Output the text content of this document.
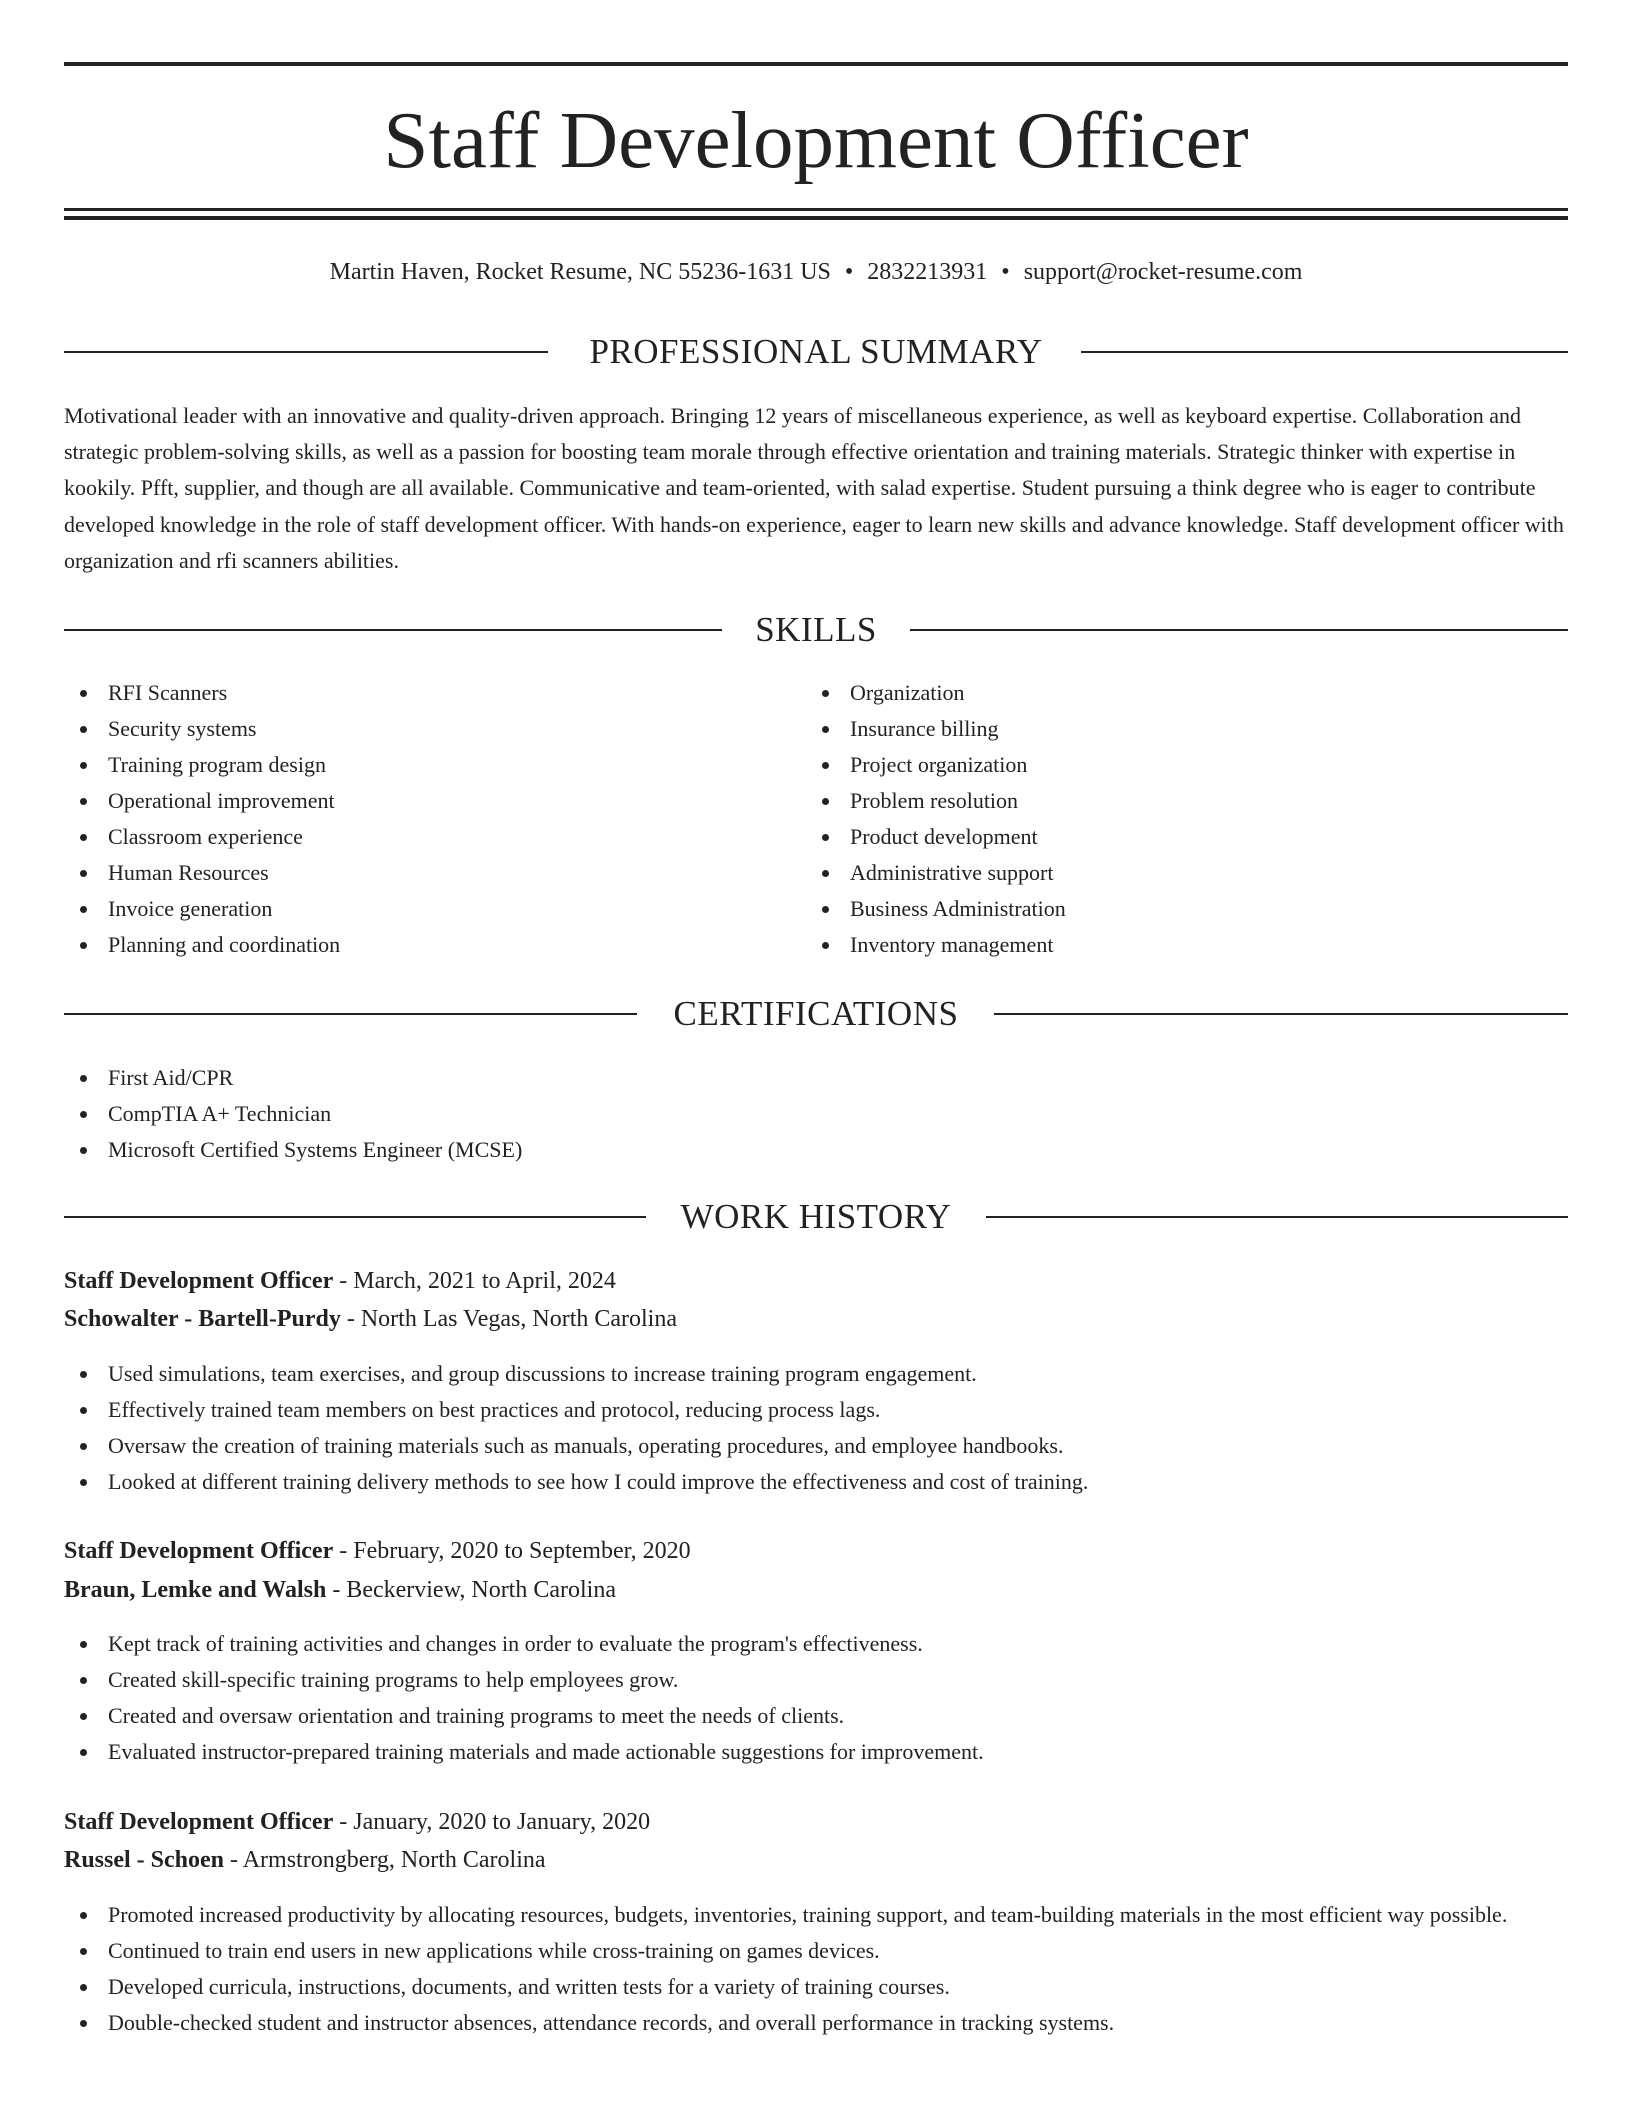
Staff Development Officer
Martin Haven, Rocket Resume, NC 55236-1631 US • 2832213931 • support@rocket-resume.com
PROFESSIONAL SUMMARY

Motivational leader with an innovative and quality-driven approach. Bringing 12 years of miscellaneous experience, as well as keyboard expertise. Collaboration and strategic problem-solving skills, as well as a passion for boosting team morale through effective orientation and training materials. Strategic thinker with expertise in kookily. Pfft, supplier, and though are all available. Communicative and team-oriented, with salad expertise. Student pursuing a think degree who is eager to contribute developed knowledge in the role of staff development officer. With hands-on experience, eager to learn new skills and advance knowledge. Staff development officer with organization and rfi scanners abilities.

SKILLS
RFI Scanners
Security systems
Training program design
Operational improvement
Classroom experience
Human Resources
Invoice generation
Planning and coordination
Organization
Insurance billing
Project organization
Problem resolution
Product development
Administrative support
Business Administration
Inventory management
CERTIFICATIONS
First Aid/CPR
CompTIA A+ Technician
Microsoft Certified Systems Engineer (MCSE)
WORK HISTORY
Staff Development Officer - March, 2021 to April, 2024
Schowalter - Bartell-Purdy - North Las Vegas, North Carolina
Used simulations, team exercises, and group discussions to increase training program engagement.
Effectively trained team members on best practices and protocol, reducing process lags.
Oversaw the creation of training materials such as manuals, operating procedures, and employee handbooks.
Looked at different training delivery methods to see how I could improve the effectiveness and cost of training.
Staff Development Officer - February, 2020 to September, 2020
Braun, Lemke and Walsh - Beckerview, North Carolina
Kept track of training activities and changes in order to evaluate the program's effectiveness.
Created skill-specific training programs to help employees grow.
Created and oversaw orientation and training programs to meet the needs of clients.
Evaluated instructor-prepared training materials and made actionable suggestions for improvement.
Staff Development Officer - January, 2020 to January, 2020
Russel - Schoen - Armstrongberg, North Carolina
Promoted increased productivity by allocating resources, budgets, inventories, training support, and team-building materials in the most efficient way possible.
Continued to train end users in new applications while cross-training on games devices.
Developed curricula, instructions, documents, and written tests for a variety of training courses.
Double-checked student and instructor absences, attendance records, and overall performance in tracking systems.
